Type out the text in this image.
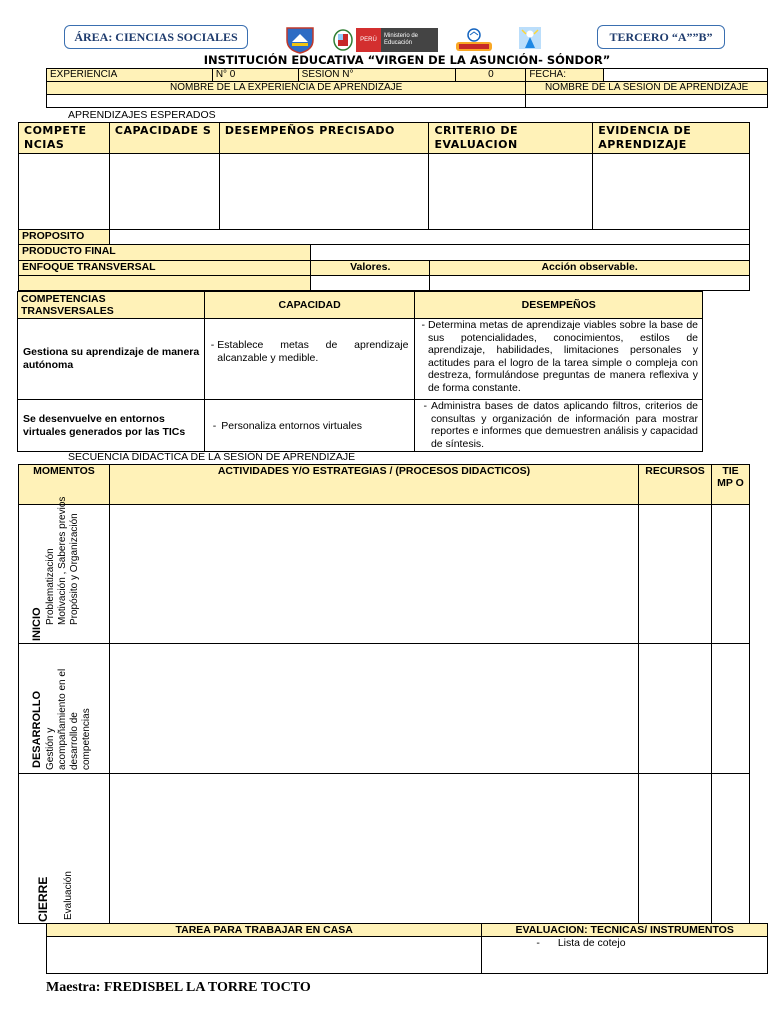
ÁREA: CIENCIAS SOCIALES	TERCERO “A””B”
PERÚ
Ministerio de Educación
INSTITUCIÓN EDUCATIVA “VIRGEN DE LA ASUNCIÓN- SÓNDOR”
EXPERIENCIA	N° 0	SESION N°	0	FECHA:	
NOMBRE DE LA EXPERIENCIA DE APRENDIZAJE				NOMBRE DE LA SESION DE APRENDIZAJE	

APRENDIZAJES ESPERADOS
COMPETE NCIAS	CAPACIDADE S	DESEMPEÑOS PRECISADO	CRITERIO DE EVALUACION	EVIDENCIA DE APRENDIZAJE

PROPOSITO			
PRODUCTO FINAL			
ENFOQUE TRANSVERSAL		Valores.	Acción observable.

COMPETENCIAS TRANSVERSALES	CAPACIDAD	DESEMPEÑOS
Gestiona su aprendizaje de manera autónoma	- Establece metas de aprendizaje alcanzable y medible.	- Determina metas de aprendizaje viables sobre la base de sus potencialidades, conocimientos, estilos de aprendizaje, habilidades, limitaciones personales y actitudes para el logro de la tarea simple o compleja con destreza, formulándose preguntas de manera reflexiva y de forma constante.

Se desenvuelve en entornos virtuales generados por las TICs	- Personaliza entornos virtuales	- Administra bases de datos aplicando filtros, criterios de consultas y organización de información para mostrar reportes e informes que demuestren análisis y capacidad de síntesis.
SECUENCIA DIDÁCTICA DE LA SESIÓN DE APRENDIZAJE
MOMENTOS	ACTIVIDADES Y/O ESTRATEGIAS / (PROCESOS DIDACTICOS)	RECURSOS	TIE MP O

INICIO Problematización Motivación , Saberes previos Propósito y Organización			

DESARROLLO Gestión y acompañamiento en el desarrollo de competencias			

CIERRE Evaluación			

TAREA PARA TRABAJAR EN CASA	EVALUACION: TECNICAS/ INSTRUMENTOS
	- Lista de cotejo
Maestra: FREDISBEL LA TORRE TOCTO
